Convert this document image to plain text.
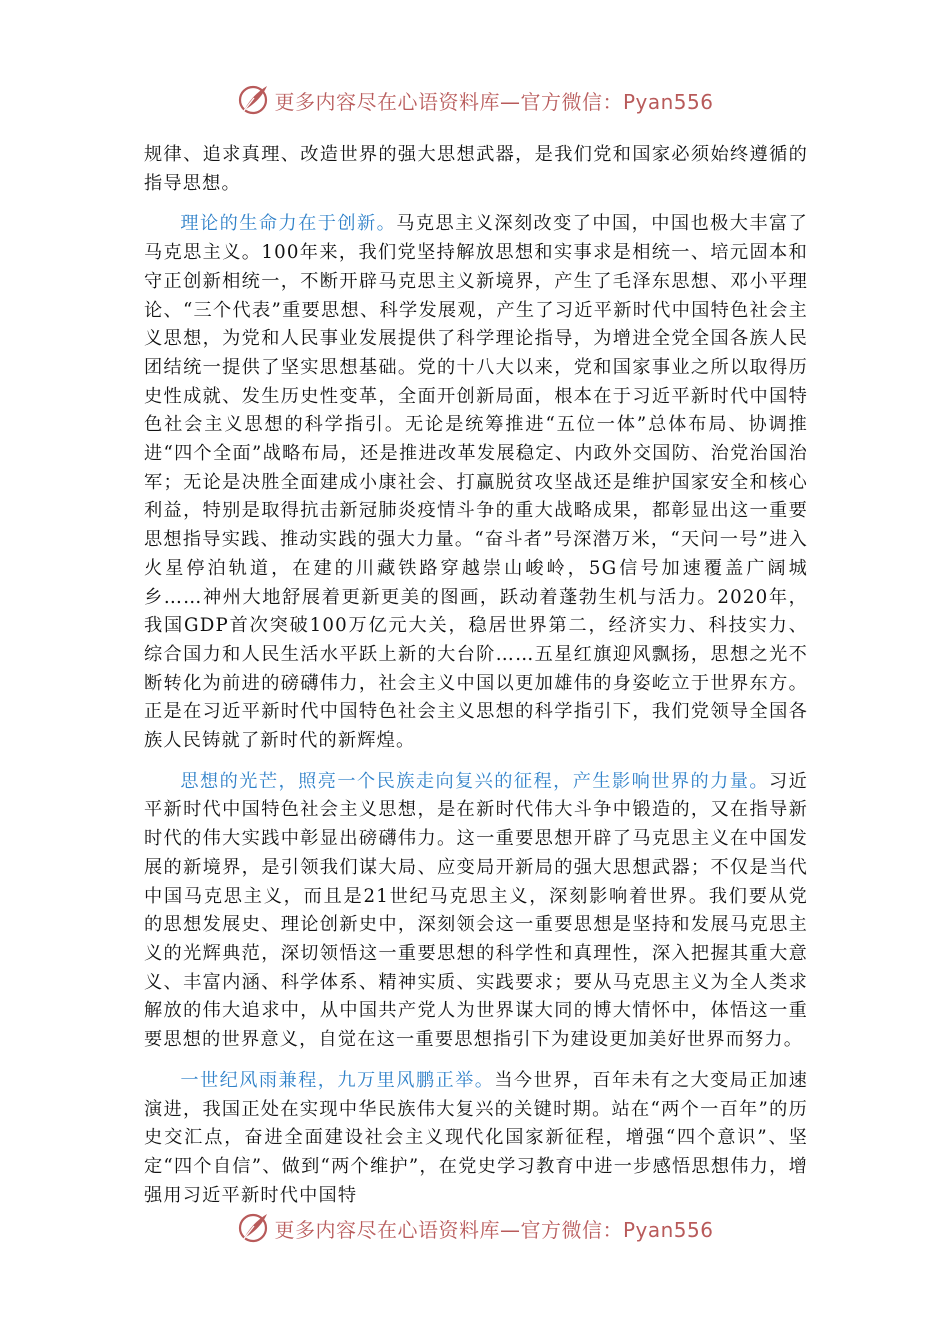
更多内容尽在心语资料库—官方微信：Pyan556

规律、追求真理、改造世界的强大思想武器，是我们党和国家必须始终遵循的指导思想。

理论的生命力在于创新。马克思主义深刻改变了中国，中国也极大丰富了马克思主义。100年来，我们党坚持解放思想和实事求是相统一、培元固本和守正创新相统一，不断开辟马克思主义新境界，产生了毛泽东思想、邓小平理论、“三个代表”重要思想、科学发展观，产生了习近平新时代中国特色社会主义思想，为党和人民事业发展提供了科学理论指导，为增进全党全国各族人民团结统一提供了坚实思想基础。党的十八大以来，党和国家事业之所以取得历史性成就、发生历史性变革，全面开创新局面，根本在于习近平新时代中国特色社会主义思想的科学指引。无论是统筹推进“五位一体”总体布局、协调推进“四个全面”战略布局，还是推进改革发展稳定、内政外交国防、治党治国治军；无论是决胜全面建成小康社会、打赢脱贫攻坚战还是维护国家安全和核心利益，特别是取得抗击新冠肺炎疫情斗争的重大战略成果，都彰显出这一重要思想指导实践、推动实践的强大力量。“奋斗者”号深潜万米，“天问一号”进入火星停泊轨道，在建的川藏铁路穿越崇山峻岭，5G信号加速覆盖广阔城乡……神州大地舒展着更新更美的图画，跃动着蓬勃生机与活力。2020年，我国GDP首次突破100万亿元大关，稳居世界第二，经济实力、科技实力、综合国力和人民生活水平跃上新的大台阶……五星红旗迎风飘扬，思想之光不断转化为前进的磅礴伟力，社会主义中国以更加雄伟的身姿屹立于世界东方。正是在习近平新时代中国特色社会主义思想的科学指引下，我们党领导全国各族人民铸就了新时代的新辉煌。

思想的光芒，照亮一个民族走向复兴的征程，产生影响世界的力量。习近平新时代中国特色社会主义思想，是在新时代伟大斗争中锻造的，又在指导新时代的伟大实践中彰显出磅礴伟力。这一重要思想开辟了马克思主义在中国发展的新境界，是引领我们谋大局、应变局开新局的强大思想武器；不仅是当代中国马克思主义，而且是21世纪马克思主义，深刻影响着世界。我们要从党的思想发展史、理论创新史中，深刻领会这一重要思想是坚持和发展马克思主义的光辉典范，深切领悟这一重要思想的科学性和真理性，深入把握其重大意义、丰富内涵、科学体系、精神实质、实践要求；要从马克思主义为全人类求解放的伟大追求中，从中国共产党人为世界谋大同的博大情怀中，体悟这一重要思想的世界意义，自觉在这一重要思想指引下为建设更加美好世界而努力。

一世纪风雨兼程，九万里风鹏正举。当今世界，百年未有之大变局正加速演进，我国正处在实现中华民族伟大复兴的关键时期。站在“两个一百年”的历史交汇点，奋进全面建设社会主义现代化国家新征程，增强“四个意识”、坚定“四个自信”、做到“两个维护”，在党史学习教育中进一步感悟思想伟力，增强用习近平新时代中国特

更多内容尽在心语资料库—官方微信：Pyan556
